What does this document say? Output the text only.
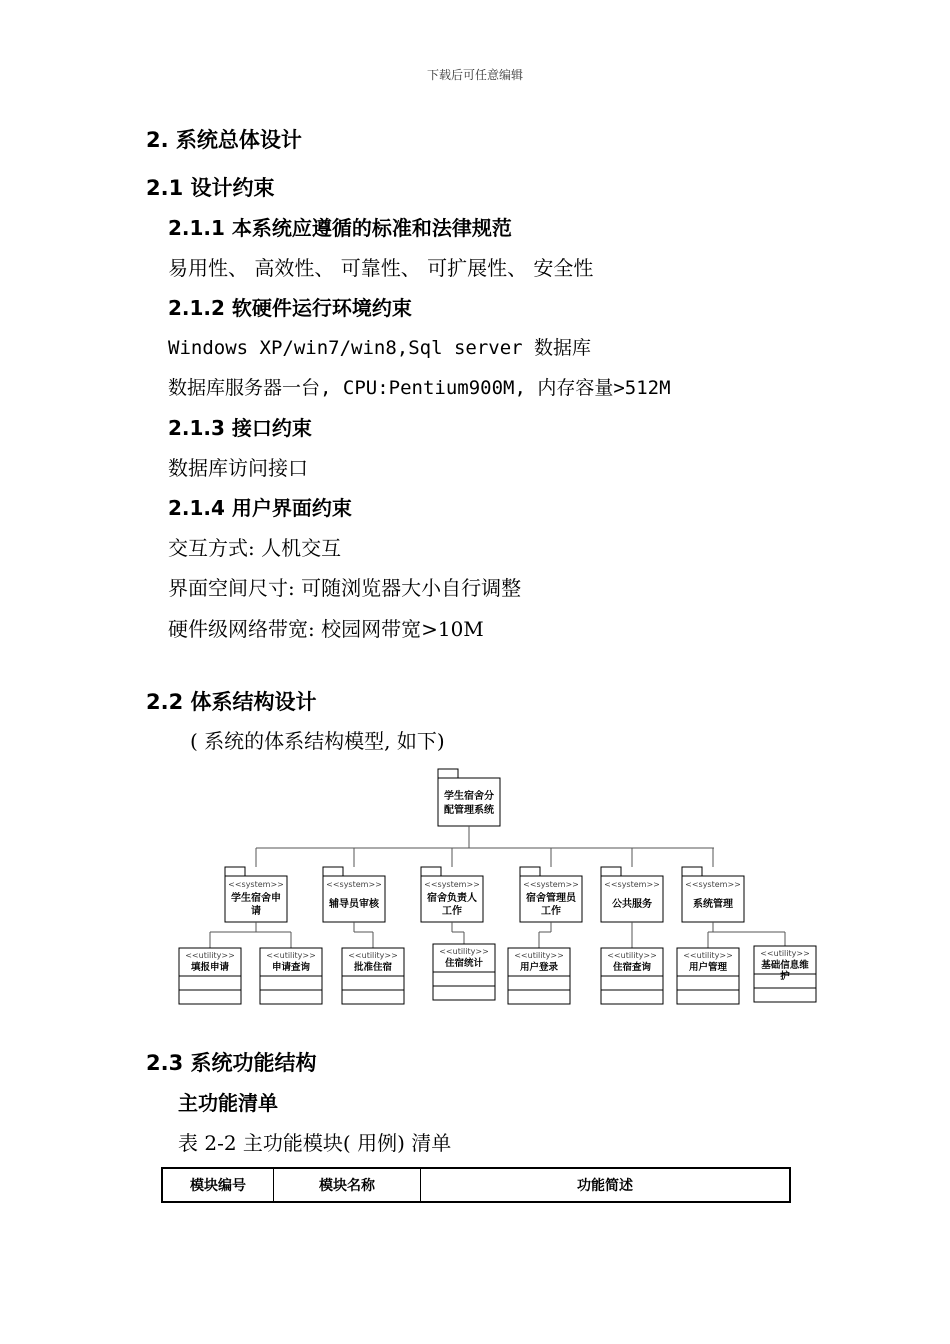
下载后可任意编辑
2. 系统总体设计
2.1 设计约束
2.1.1 本系统应遵循的标准和法律规范
易用性、 高效性、 可靠性、 可扩展性、 安全性
2.1.2 软硬件运行环境约束
Windows XP/win7/win8,Sql server 数据库
数据库服务器一台, CPU:Pentium900M, 内存容量>512M
2.1.3 接口约束
数据库访问接口
2.1.4 用户界面约束
交互方式: 人机交互
界面空间尺寸: 可随浏览器大小自行调整
硬件级网络带宽: 校园网带宽>10M
2.2 体系结构设计
( 系统的体系结构模型, 如下)
学生宿舍分
配管理系统
<<system>>
学生宿舍申
请
<<system>>
辅导员审核
<<system>>
宿舍负责人
工作
<<system>>
宿舍管理员
工作
<<system>>
公共服务
<<system>>
系统管理
<<utility>>
填报申请
<<utility>>
申请查询
<<utility>>
批准住宿
<<utility>>
住宿统计
<<utility>>
用户登录
<<utility>>
住宿查询
<<utility>>
用户管理
<<utility>>
基础信息维
护
2.3 系统功能结构
主功能清单
表 2-2 主功能模块( 用例) 清单
模块编号	模块名称	功能简述
